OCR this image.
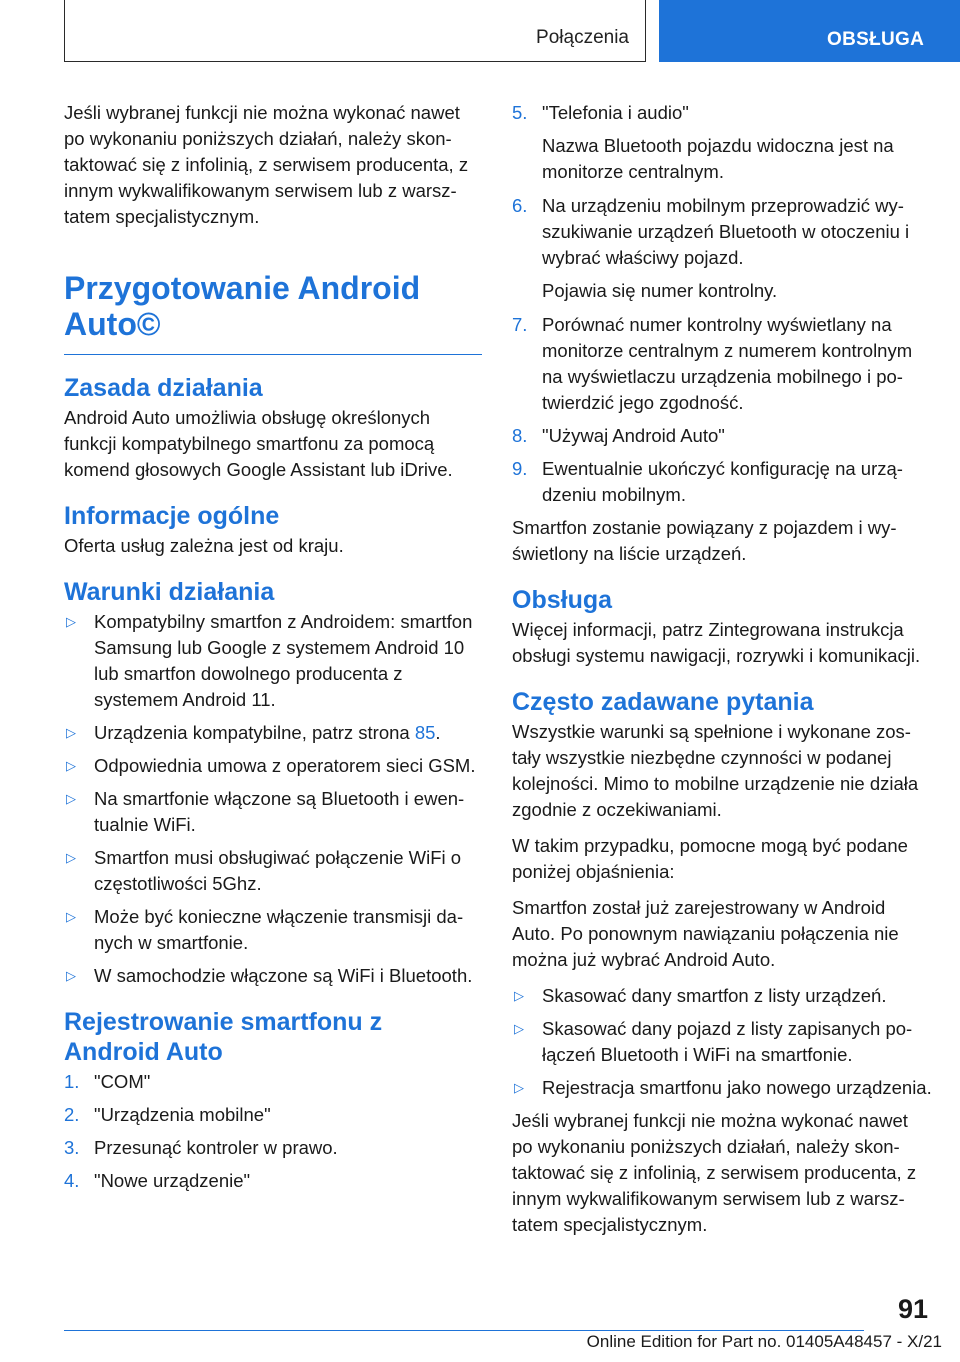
Połączenia	OBSŁUGA

Jeśli wybranej funkcji nie można wykonać nawet po wykonaniu poniższych działań, należy skontaktować się z infolinią, z serwisem producenta, z innym wykwalifikowanym serwisem lub z warsztatem specjalistycznym.

Przygotowanie Android Auto©
Zasada działania

Android Auto umożliwia obsługę określonych funkcji kompatybilnego smartfonu za pomocą komend głosowych Google Assistant lub iDrive.

Informacje ogólne

Oferta usług zależna jest od kraju.

Warunki działania
▷ Kompatybilny smartfon z Androidem: smartfon Samsung lub Google z systemem Android 10 lub smartfon dowolnego producenta z systemem Android 11.
▷ Urządzenia kompatybilne, patrz strona 85.
▷ Odpowiednia umowa z operatorem sieci GSM.
▷ Na smartfonie włączone są Bluetooth i ewentualnie WiFi.
▷ Smartfon musi obsługiwać połączenie WiFi o częstotliwości 5Ghz.
▷ Może być konieczne włączenie transmisji danych w smartfonie.
▷ W samochodzie włączone są WiFi i Bluetooth.
Rejestrowanie smartfonu z Android Auto
1. "COM"
2. "Urządzenia mobilne"
3. Przesunąć kontroler w prawo.
4. "Nowe urządzenie"
5. "Telefonia i audio"

Nazwa Bluetooth pojazdu widoczna jest na monitorze centralnym.

6. Na urządzeniu mobilnym przeprowadzić wyszukiwanie urządzeń Bluetooth w otoczeniu i wybrać właściwy pojazd.

Pojawia się numer kontrolny.

7. Porównać numer kontrolny wyświetlany na monitorze centralnym z numerem kontrolnym na wyświetlaczu urządzenia mobilnego i potwierdzić jego zgodność.
8. "Używaj Android Auto"
9. Ewentualnie ukończyć konfigurację na urządzeniu mobilnym.

Smartfon zostanie powiązany z pojazdem i wyświetlony na liście urządzeń.

Obsługa

Więcej informacji, patrz Zintegrowana instrukcja obsługi systemu nawigacji, rozrywki i komunikacji.

Często zadawane pytania

Wszystkie warunki są spełnione i wykonane zostały wszystkie niezbędne czynności w podanej kolejności. Mimo to mobilne urządzenie nie działa zgodnie z oczekiwaniami.

W takim przypadku, pomocne mogą być podane poniżej objaśnienia:

Smartfon został już zarejestrowany w Android Auto. Po ponownym nawiązaniu połączenia nie można już wybrać Android Auto.

▷ Skasować dany smartfon z listy urządzeń.
▷ Skasować dany pojazd z listy zapisanych połączeń Bluetooth i WiFi na smartfonie.
▷ Rejestracja smartfonu jako nowego urządzenia.

Jeśli wybranej funkcji nie można wykonać nawet po wykonaniu poniższych działań, należy skontaktować się z infolinią, z serwisem producenta, z innym wykwalifikowanym serwisem lub z warsztatem specjalistycznym.

91
Online Edition for Part no. 01405A48457 - X/21
